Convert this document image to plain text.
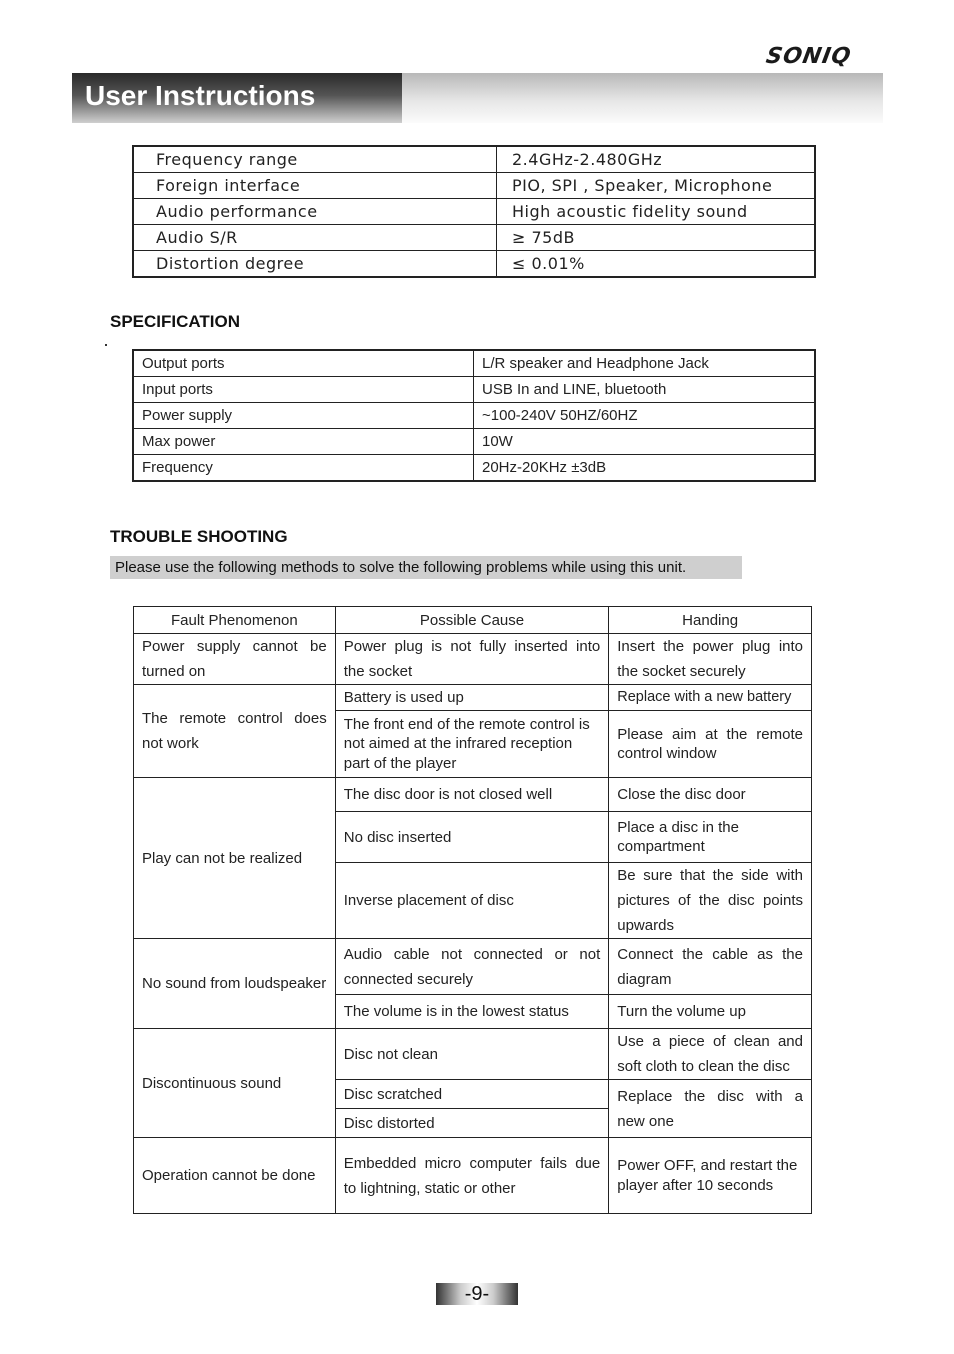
SONIQ
User Instructions
Frequency range	2.4GHz-2.480GHz
Foreign interface	PIO, SPI , Speaker, Microphone
Audio performance	High acoustic fidelity sound
Audio S/R	≥ 75dB
Distortion degree	≤ 0.01%
SPECIFICATION
Output ports	L/R speaker and Headphone Jack
Input ports	USB In and LINE, bluetooth
Power supply	~100-240V 50HZ/60HZ
Max power	10W
Frequency	20Hz-20KHz ±3dB
TROUBLE SHOOTING
Please use the following methods to solve the following problems while using this unit.
Fault Phenomenon	Possible Cause	Handing
Power supply cannot be turned on	Power plug is not fully inserted into the socket	Insert the power plug into the socket securely
The remote control does not work	Battery is used up	Replace with a new battery
	The front end of the remote control is not aimed at the infrared reception part of the player	Please aim at the remote control window
Play can not be realized	The disc door is not closed well	Close the disc door
	No disc inserted	Place a disc in the compartment
	Inverse placement of disc	Be sure that the side with pictures of the disc points upwards
No sound from loudspeaker	Audio cable not connected or not connected securely	Connect the cable as the diagram
	The volume is in the lowest status	Turn the volume up
Discontinuous sound	Disc not clean	Use a piece of clean and soft cloth to clean the disc
	Disc scratched	Replace the disc with a new one
	Disc distorted	
Operation cannot be done	Embedded micro computer fails due to lightning, static or other	Power OFF, and restart the player after 10 seconds
-9-
